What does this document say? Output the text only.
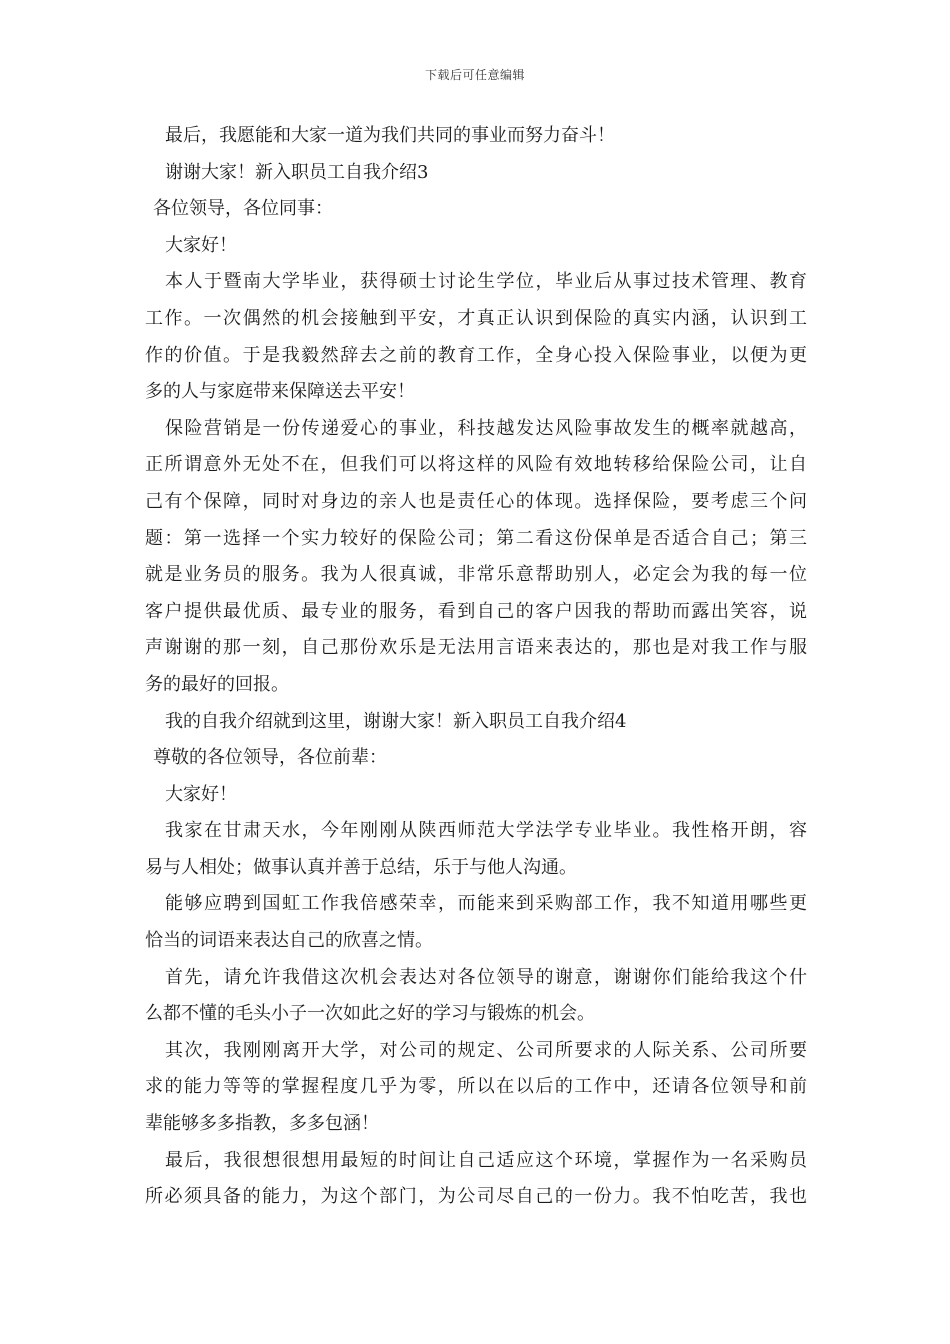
下载后可任意编辑
最后，我愿能和大家一道为我们共同的事业而努力奋斗！
谢谢大家！新入职员工自我介绍3
各位领导，各位同事：
大家好！
本人于暨南大学毕业，获得硕士讨论生学位，毕业后从事过技术管理、教育
工作。一次偶然的机会接触到平安，才真正认识到保险的真实内涵，认识到工
作的价值。于是我毅然辞去之前的教育工作，全身心投入保险事业，以便为更
多的人与家庭带来保障送去平安！
保险营销是一份传递爱心的事业，科技越发达风险事故发生的概率就越高，
正所谓意外无处不在，但我们可以将这样的风险有效地转移给保险公司，让自
己有个保障，同时对身边的亲人也是责任心的体现。选择保险，要考虑三个问
题：第一选择一个实力较好的保险公司；第二看这份保单是否适合自己；第三
就是业务员的服务。我为人很真诚，非常乐意帮助别人，必定会为我的每一位
客户提供最优质、最专业的服务，看到自己的客户因我的帮助而露出笑容，说
声谢谢的那一刻，自己那份欢乐是无法用言语来表达的，那也是对我工作与服
务的最好的回报。
我的自我介绍就到这里，谢谢大家！新入职员工自我介绍4
尊敬的各位领导，各位前辈：
大家好！
我家在甘肃天水，今年刚刚从陕西师范大学法学专业毕业。我性格开朗，容
易与人相处；做事认真并善于总结，乐于与他人沟通。
能够应聘到国虹工作我倍感荣幸，而能来到采购部工作，我不知道用哪些更
恰当的词语来表达自己的欣喜之情。
首先，请允许我借这次机会表达对各位领导的谢意，谢谢你们能给我这个什
么都不懂的毛头小子一次如此之好的学习与锻炼的机会。
其次，我刚刚离开大学，对公司的规定、公司所要求的人际关系、公司所要
求的能力等等的掌握程度几乎为零，所以在以后的工作中，还请各位领导和前
辈能够多多指教，多多包涵！
最后，我很想很想用最短的时间让自己适应这个环境，掌握作为一名采购员
所必须具备的能力，为这个部门，为公司尽自己的一份力。我不怕吃苦，我也
